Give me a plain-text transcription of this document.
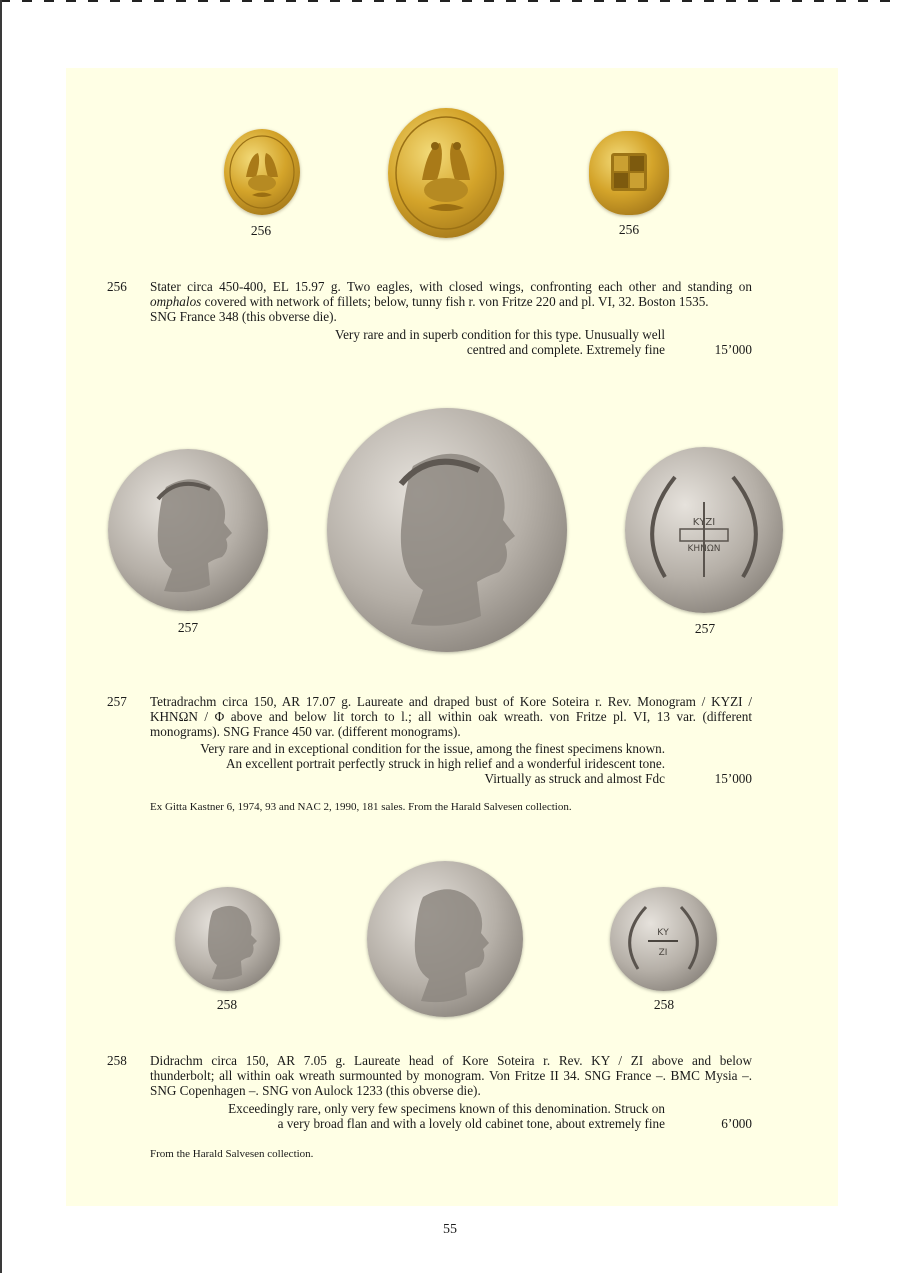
256	256
256 Stater circa 450-400, EL 15.97 g. Two eagles, with closed wings, confronting each other and standing on
omphalos covered with network of fillets; below, tunny fish r. von Fritze 220 and pl. VI, 32. Boston 1535.
SNG France 348 (this obverse die).
Very rare and in superb condition for this type. Unusually well
centred and complete. Extremely fine	15’000
ΚΥΖΙ
ΚΗΝΩΝ
257	257
257 Tetradrachm circa 150, AR 17.07 g. Laureate and draped bust of Kore Soteira r. Rev. Monogram / ΚΥΖΙ /
ΚΗΝΩΝ / Φ above and below lit torch to l.; all within oak wreath. von Fritze pl. VI, 13 var. (different
monograms). SNG France 450 var. (different monograms).
Very rare and in exceptional condition for the issue, among the finest specimens known.
An excellent portrait perfectly struck in high relief and a wonderful iridescent tone.
Virtually as struck and almost Fdc	15’000
Ex Gitta Kastner 6, 1974, 93 and NAC 2, 1990, 181 sales. From the Harald Salvesen collection.
ΚΥ
ΖΙ
258	258
258 Didrachm circa 150, AR 7.05 g. Laureate head of Kore Soteira r. Rev. ΚΥ / ΖΙ above and below
thunderbolt; all within oak wreath surmounted by monogram. Von Fritze II 34. SNG France –. BMC Mysia –.
SNG Copenhagen –. SNG von Aulock 1233 (this obverse die).
Exceedingly rare, only very few specimens known of this denomination. Struck on
a very broad flan and with a lovely old cabinet tone, about extremely fine	6’000
From the Harald Salvesen collection.
55
